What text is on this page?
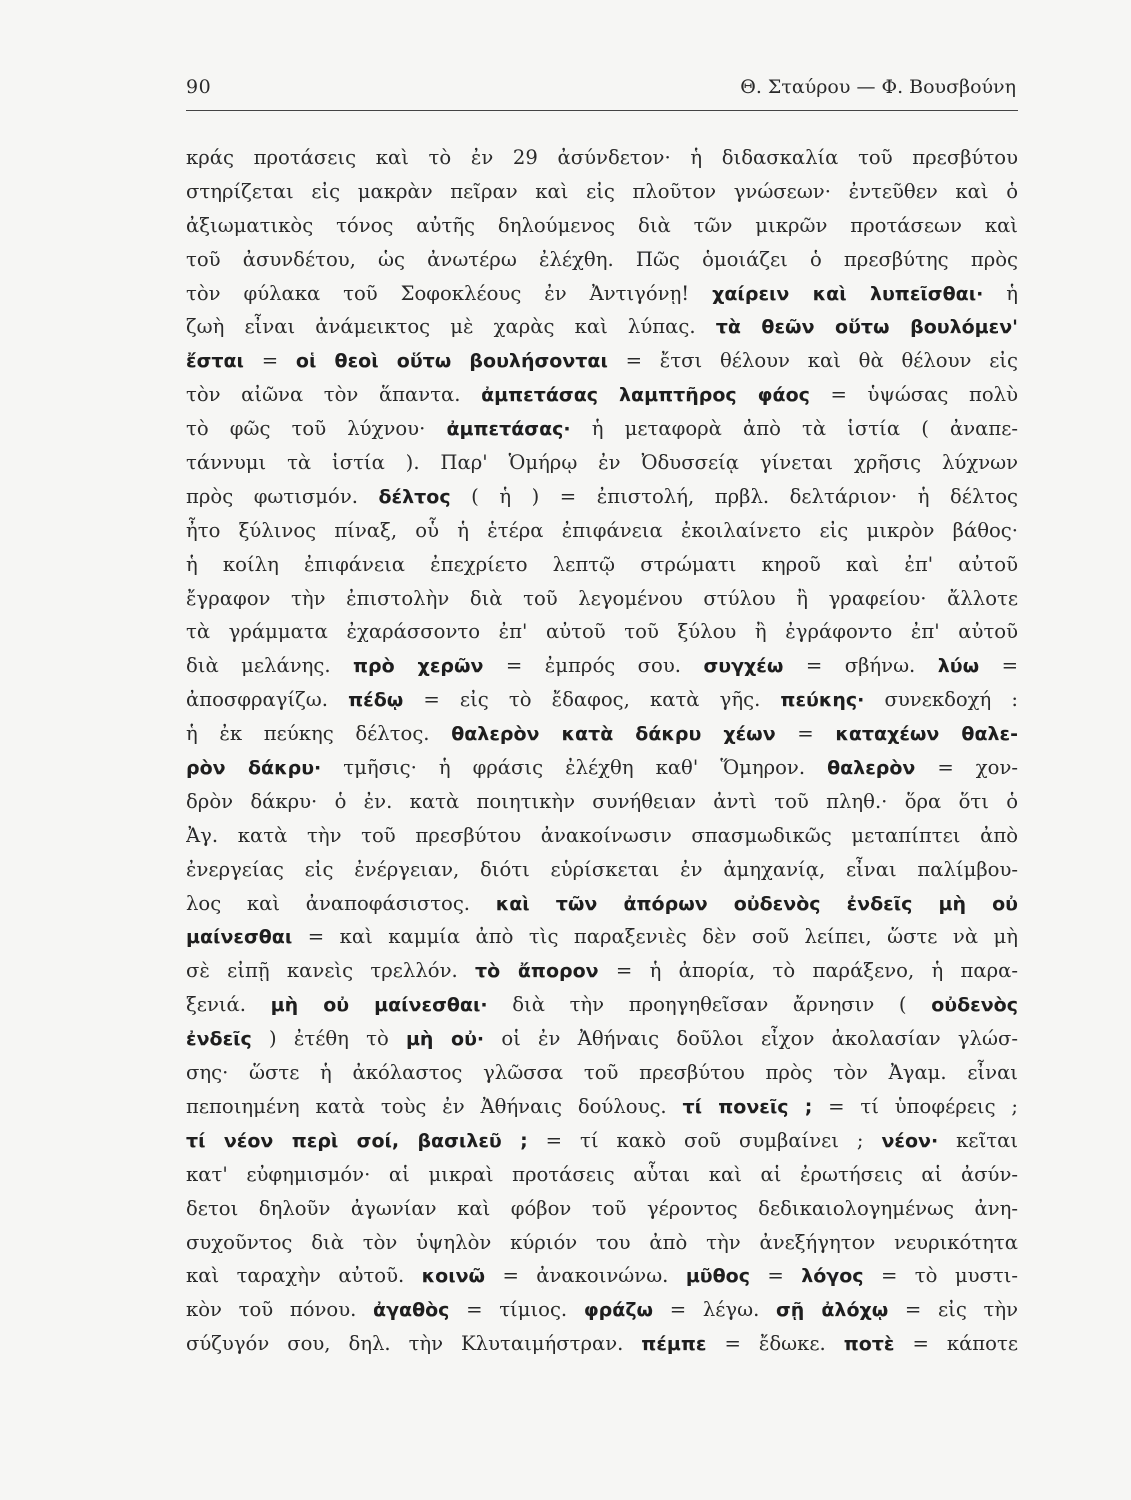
90	Θ. Σταύρου — Φ. Βουσβούνη
κράς προτάσεις καὶ τὸ ἐν 29 ἀσύνδετον· ἡ διδασκαλία τοῦ πρεσβύτου
στηρίζεται εἰς μακρὰν πεῖραν καὶ εἰς πλοῦτον γνώσεων· ἐντεῦθεν καὶ ὁ
ἀξιωματικὸς τόνος αὐτῆς δηλούμενος διὰ τῶν μικρῶν προτάσεων καὶ
τοῦ ἀσυνδέτου, ὡς ἀνωτέρω ἐλέχθη. Πῶς ὁμοιάζει ὁ πρεσβύτης πρὸς
τὸν φύλακα τοῦ Σοφοκλέους ἐν Ἀντιγόνῃ! χαίρειν καὶ λυπεῖσθαι· ἡ
ζωὴ εἶναι ἀνάμεικτος μὲ χαρὰς καὶ λύπας. τὰ θεῶν οὕτω βουλόμεν'
ἔσται = οἱ θεοὶ οὕτω βουλήσονται = ἔτσι θέλουν καὶ θὰ θέλουν εἰς
τὸν αἰῶνα τὸν ἅπαντα. ἀμπετάσας λαμπτῆρος φάος = ὑψώσας πολὺ
τὸ φῶς τοῦ λύχνου· ἀμπετάσας· ἡ μεταφορὰ ἀπὸ τὰ ἱστία ( ἀναπε-
τάννυμι τὰ ἱστία ). Παρ' Ὁμήρῳ ἐν Ὀδυσσείᾳ γίνεται χρῆσις λύχνων
πρὸς φωτισμόν. δέλτος ( ἡ ) = ἐπιστολή, πρβλ. δελτάριον· ἡ δέλτος
ἦτο ξύλινος πίναξ, οὗ ἡ ἑτέρα ἐπιφάνεια ἐκοιλαίνετο εἰς μικρὸν βάθος·
ἡ κοίλη ἐπιφάνεια ἐπεχρίετο λεπτῷ στρώματι κηροῦ καὶ ἐπ' αὐτοῦ
ἔγραφον τὴν ἐπιστολὴν διὰ τοῦ λεγομένου στύλου ἢ γραφείου· ἄλλοτε
τὰ γράμματα ἐχαράσσοντο ἐπ' αὐτοῦ τοῦ ξύλου ἢ ἐγράφοντο ἐπ' αὐτοῦ
διὰ μελάνης. πρὸ χερῶν = ἐμπρός σου. συγχέω = σβήνω. λύω =
ἀποσφραγίζω. πέδῳ = εἰς τὸ ἔδαφος, κατὰ γῆς. πεύκης· συνεκδοχή :
ἡ ἐκ πεύκης δέλτος. θαλερὸν κατὰ δάκρυ χέων = καταχέων θαλε-
ρὸν δάκρυ· τμῆσις· ἡ φράσις ἐλέχθη καθ' Ὅμηρον. θαλερὸν = χον-
δρὸν δάκρυ· ὁ ἐν. κατὰ ποιητικὴν συνήθειαν ἀντὶ τοῦ πληθ.· ὅρα ὅτι ὁ
Ἀγ. κατὰ τὴν τοῦ πρεσβύτου ἀνακοίνωσιν σπασμωδικῶς μεταπίπτει ἀπὸ
ἐνεργείας εἰς ἐνέργειαν, διότι εὑρίσκεται ἐν ἀμηχανίᾳ, εἶναι παλίμβου-
λος καὶ ἀναποφάσιστος. καὶ τῶν ἀπόρων οὐδενὸς ἐνδεῖς μὴ οὐ
μαίνεσθαι = καὶ καμμία ἀπὸ τὶς παραξενιὲς δὲν σοῦ λείπει, ὥστε νὰ μὴ
σὲ εἰπῇ κανεὶς τρελλόν. τὸ ἄπορον = ἡ ἀπορία, τὸ παράξενο, ἡ παρα-
ξενιά. μὴ οὐ μαίνεσθαι· διὰ τὴν προηγηθεῖσαν ἄρνησιν ( οὐδενὸς
ἐνδεῖς ) ἐτέθη τὸ μὴ οὐ· οἱ ἐν Ἀθήναις δοῦλοι εἶχον ἀκολασίαν γλώσ-
σης· ὥστε ἡ ἀκόλαστος γλῶσσα τοῦ πρεσβύτου πρὸς τὸν Ἀγαμ. εἶναι
πεποιημένη κατὰ τοὺς ἐν Ἀθήναις δούλους. τί πονεῖς ; = τί ὑποφέρεις ;
τί νέον περὶ σοί, βασιλεῦ ; = τί κακὸ σοῦ συμβαίνει ; νέον· κεῖται
κατ' εὐφημισμόν· αἱ μικραὶ προτάσεις αὗται καὶ αἱ ἐρωτήσεις αἱ ἀσύν-
δετοι δηλοῦν ἀγωνίαν καὶ φόβον τοῦ γέροντος δεδικαιολογημένως ἀνη-
συχοῦντος διὰ τὸν ὑψηλὸν κύριόν του ἀπὸ τὴν ἀνεξήγητον νευρικότητα
καὶ ταραχὴν αὐτοῦ. κοινῶ = ἀνακοινώνω. μῦθος = λόγος = τὸ μυστι-
κὸν τοῦ πόνου. ἀγαθὸς = τίμιος. φράζω = λέγω. σῇ ἀλόχῳ = εἰς τὴν
σύζυγόν σου, δηλ. τὴν Κλυταιμήστραν. πέμπε = ἔδωκε. ποτὲ = κάποτε
